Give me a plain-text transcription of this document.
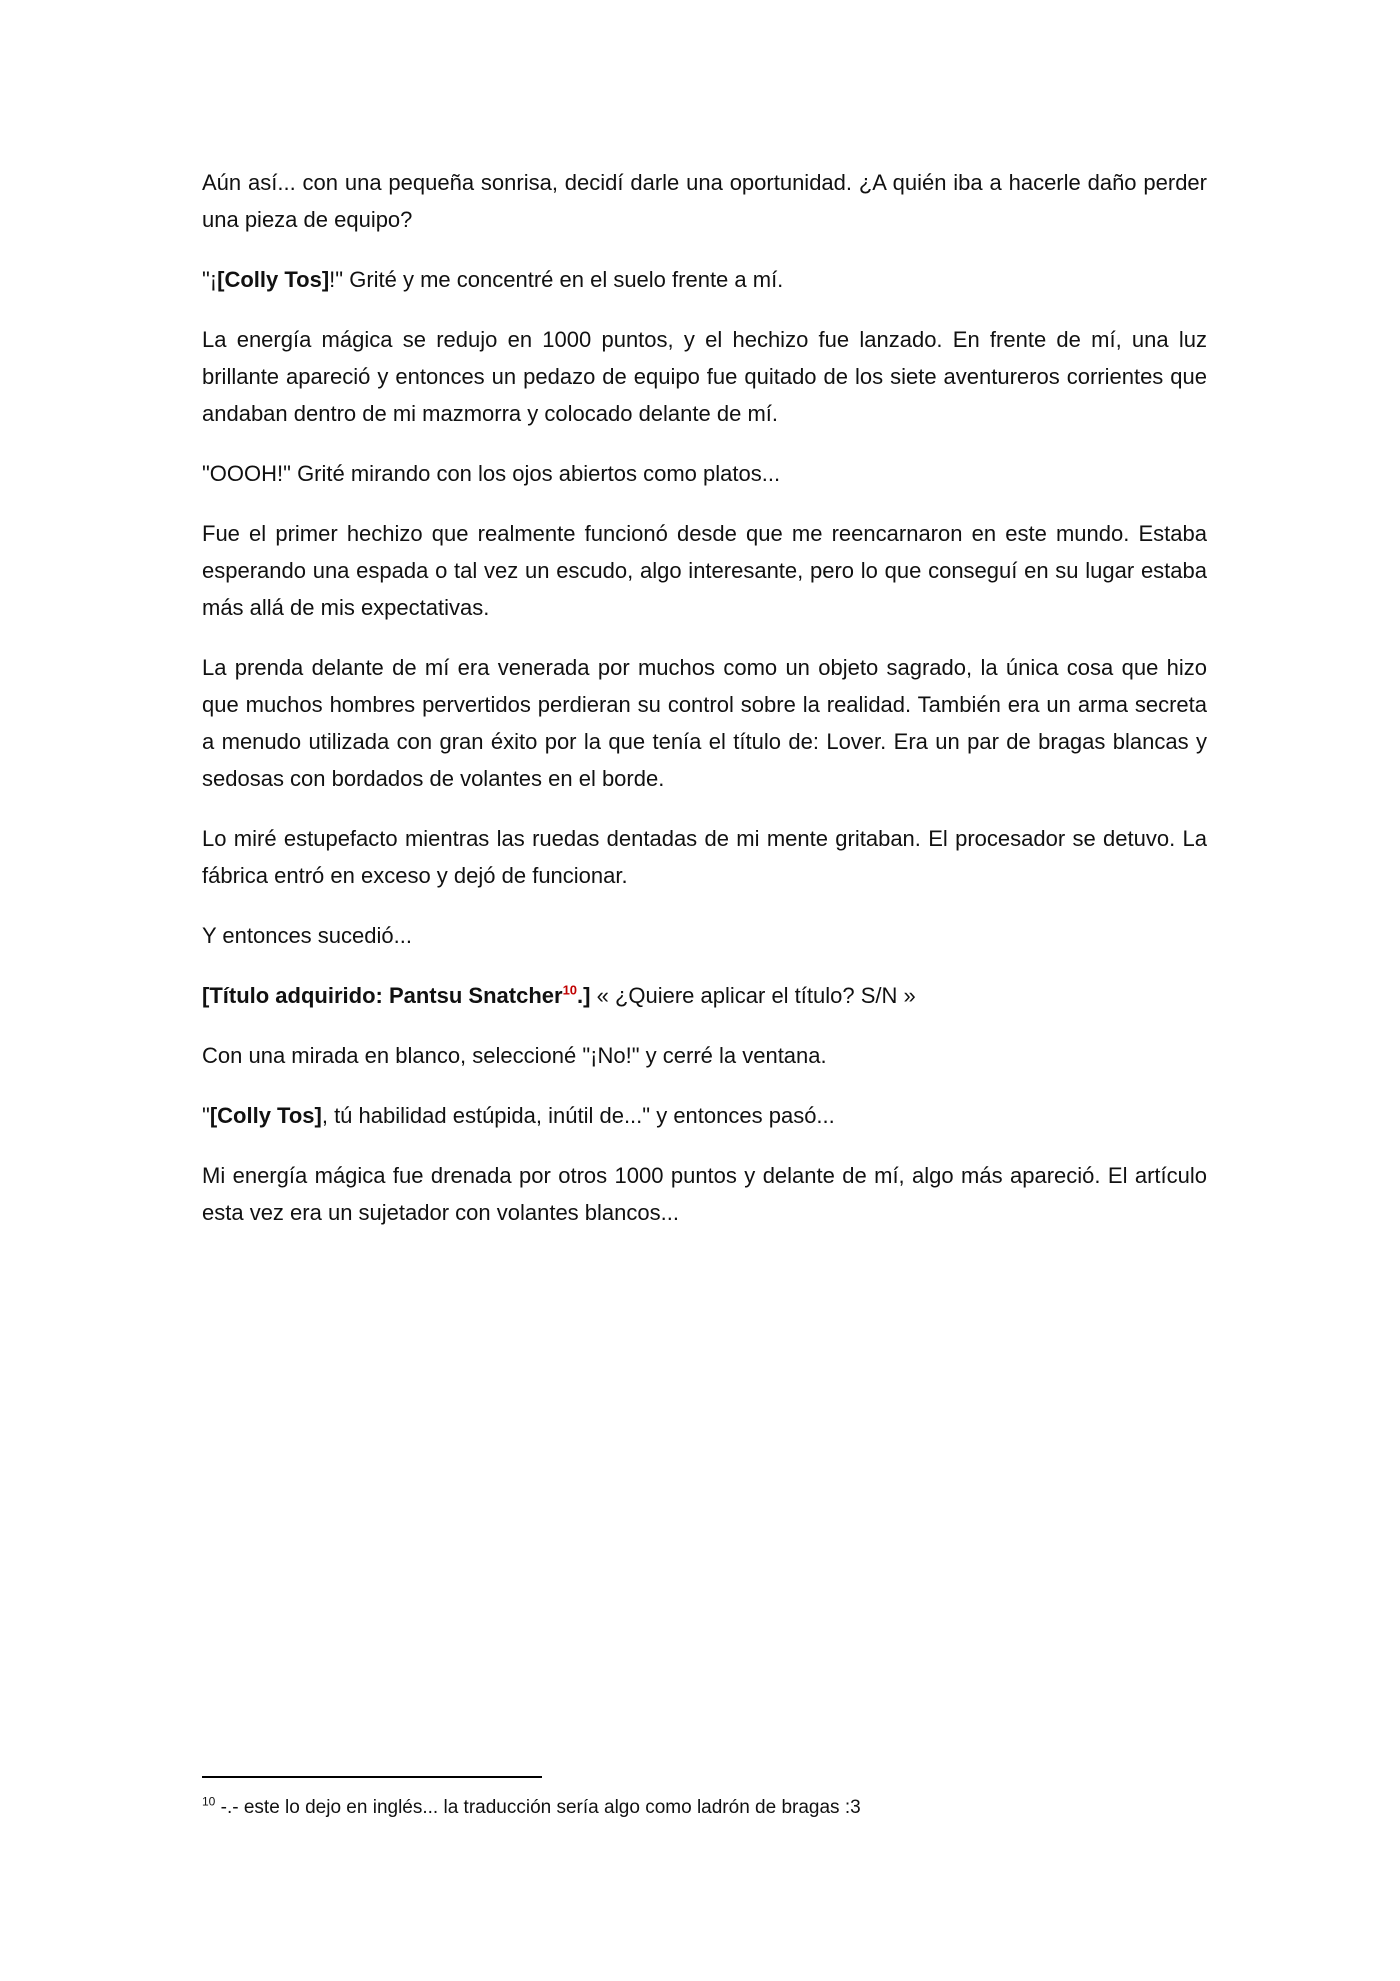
Aún así... con una pequeña sonrisa, decidí darle una oportunidad. ¿A quién iba a hacerle daño perder una pieza de equipo?

"¡[Colly Tos]!" Grité y me concentré en el suelo frente a mí.

La energía mágica se redujo en 1000 puntos, y el hechizo fue lanzado. En frente de mí, una luz brillante apareció y entonces un pedazo de equipo fue quitado de los siete aventureros corrientes que andaban dentro de mi mazmorra y colocado delante de mí.

"OOOH!" Grité mirando con los ojos abiertos como platos...

Fue el primer hechizo que realmente funcionó desde que me reencarnaron en este mundo. Estaba esperando una espada o tal vez un escudo, algo interesante, pero lo que conseguí en su lugar estaba más allá de mis expectativas.

La prenda delante de mí era venerada por muchos como un objeto sagrado, la única cosa que hizo que muchos hombres pervertidos perdieran su control sobre la realidad. También era un arma secreta a menudo utilizada con gran éxito por la que tenía el título de: Lover. Era un par de bragas blancas y sedosas con bordados de volantes en el borde.

Lo miré estupefacto mientras las ruedas dentadas de mi mente gritaban. El procesador se detuvo. La fábrica entró en exceso y dejó de funcionar.

Y entonces sucedió...

[Título adquirido: Pantsu Snatcher$^{10}$.] « ¿Quiere aplicar el título? S/N »

Con una mirada en blanco, seleccioné "¡No!" y cerré la ventana.

"[Colly Tos], tú habilidad estúpida, inútil de..." y entonces pasó...

Mi energía mágica fue drenada por otros 1000 puntos y delante de mí, algo más apareció. El artículo esta vez era un sujetador con volantes blancos...

$^{10}$ -.- este lo dejo en inglés... la traducción sería algo como ladrón de bragas :3
